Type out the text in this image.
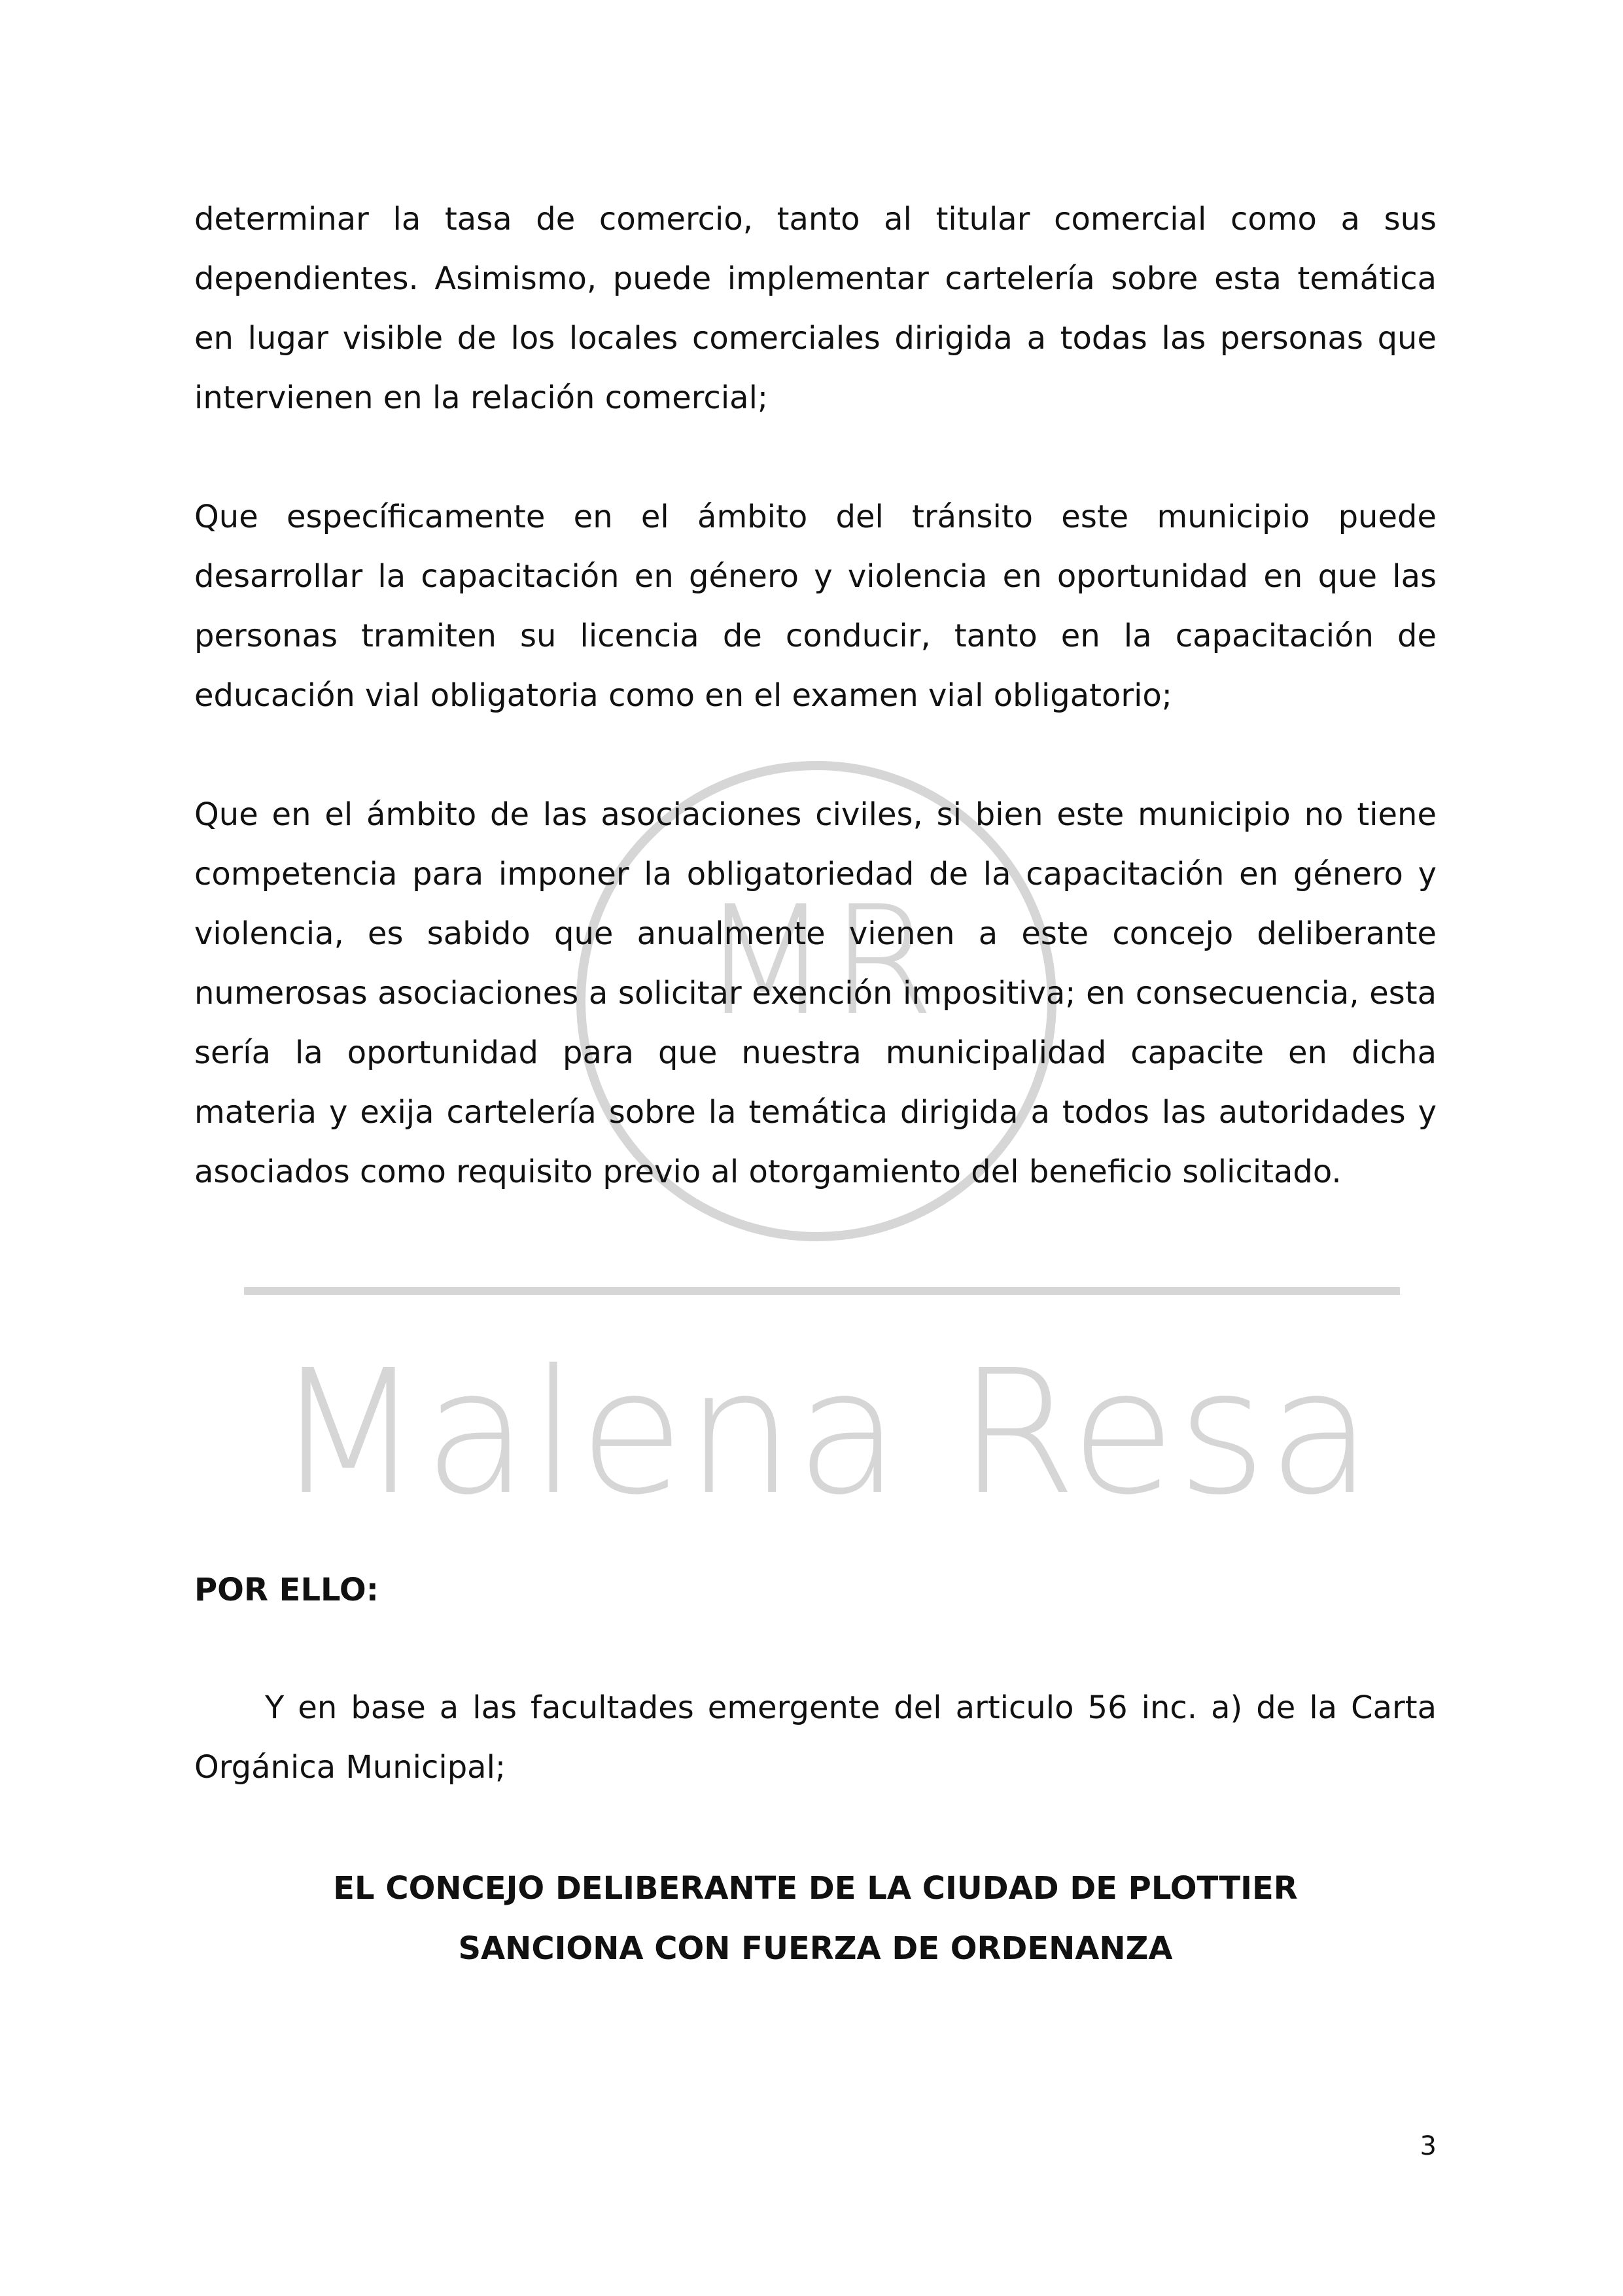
MR
Malena Resa

determinar la tasa de comercio, tanto al titular comercial como a sus dependientes. Asimismo, puede implementar cartelería sobre esta temática en lugar visible de los locales comerciales dirigida a todas las personas que intervienen en la relación comercial;

Que específicamente en el ámbito del tránsito este municipio puede desarrollar la capacitación en género y violencia en oportunidad en que las personas tramiten su licencia de conducir, tanto en la capacitación de educación vial obligatoria como en el examen vial obligatorio;

Que en el ámbito de las asociaciones civiles, si bien este municipio no tiene competencia para imponer la obligatoriedad de la capacitación en género y violencia, es sabido que anualmente vienen a este concejo deliberante numerosas asociaciones a solicitar exención impositiva; en consecuencia, esta sería la oportunidad para que nuestra municipalidad capacite en dicha materia y exija cartelería sobre la temática dirigida a todos las autoridades y asociados como requisito previo al otorgamiento del beneficio solicitado.

POR ELLO:
Y en base a las facultades emergente del articulo 56 inc. a) de la Carta Orgánica Municipal;
EL CONCEJO DELIBERANTE DE LA CIUDAD DE PLOTTIER
SANCIONA CON FUERZA DE ORDENANZA
3
